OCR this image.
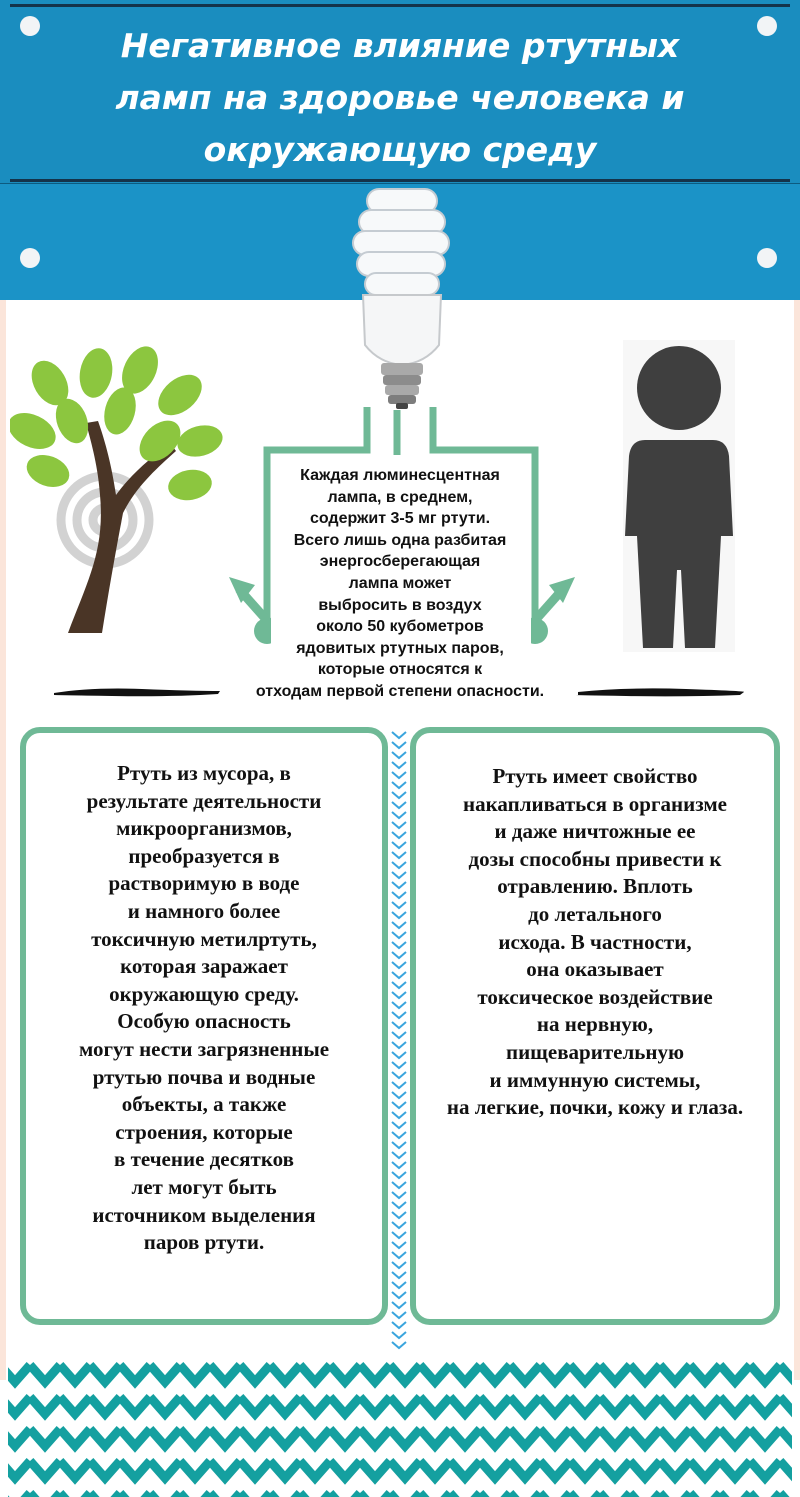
Негативное влияние ртутных
ламп на здоровье человека и
окружающую среду

Каждая люминесцентная
лампа, в среднем,
содержит 3-5 мг ртути.
Всего лишь одна разбитая
энергосберегающая
лампа может
выбросить в воздух
около 50 кубометров
ядовитых ртутных паров,
которые относятся к
отходам первой степени опасности.

Ртуть из мусора, в
результате деятельности
микроорганизмов,
преобразуется в
растворимую в воде
и намного более
токсичную метилртуть,
которая заражает
окружающую среду.
Особую опасность
могут нести загрязненные
ртутью почва и водные
объекты, а также
строения, которые
в течение десятков
лет могут быть
источником выделения
паров ртути.

Ртуть имеет свойство
накапливаться в организме
и даже ничтожные ее
дозы способны привести к
отравлению. Вплоть
до летального
исхода. В частности,
она оказывает
токсическое воздействие
на нервную,
пищеварительную
и иммунную системы,
на легкие, почки, кожу и глаза.
